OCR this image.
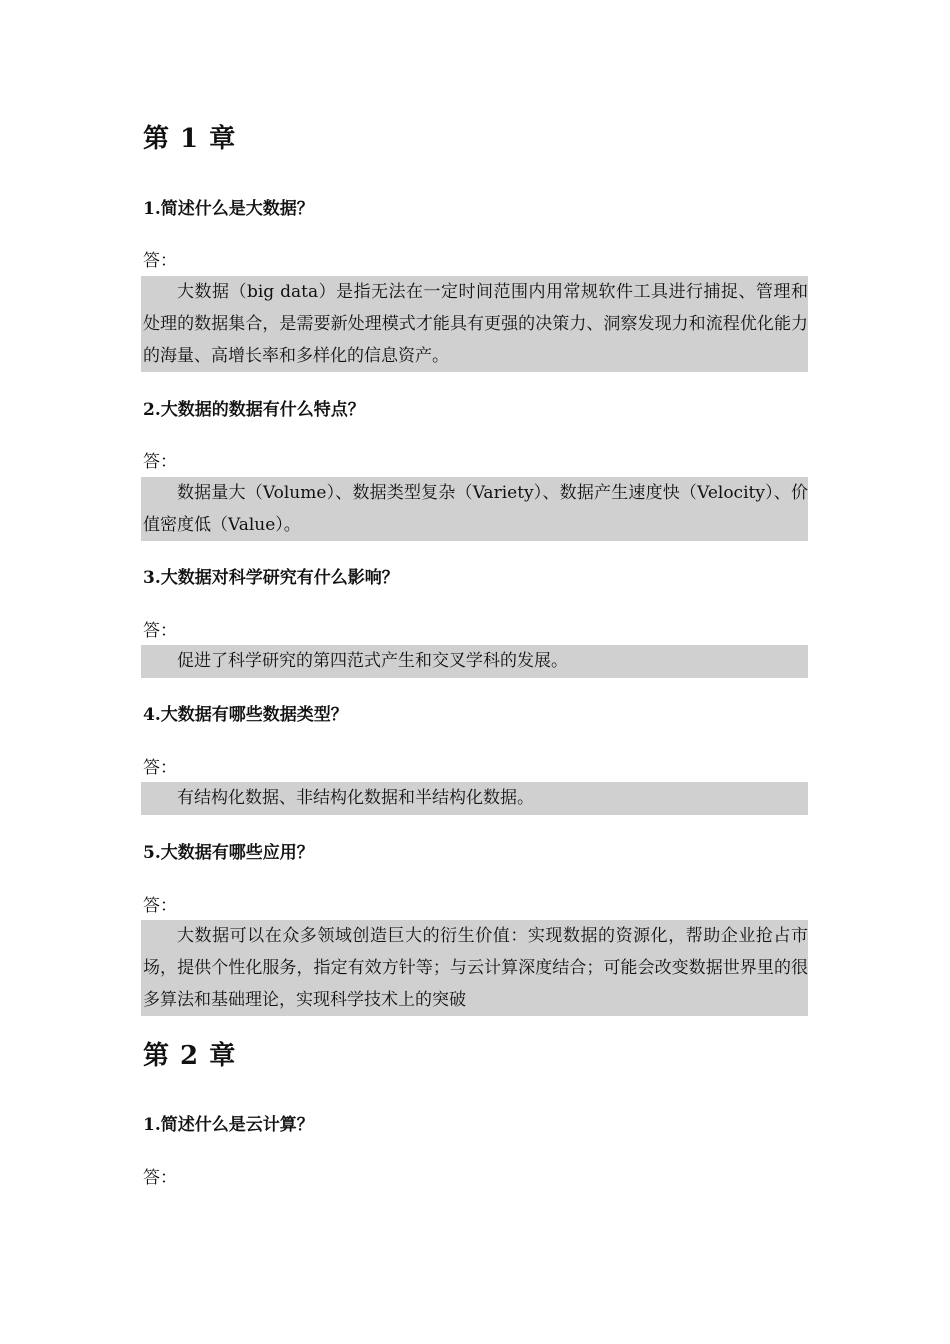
第 1 章
1.简述什么是大数据？
答：

大数据（big data）是指无法在一定时间范围内用常规软件工具进行捕捉、管理和处理的数据集合，是需要新处理模式才能具有更强的决策力、洞察发现力和流程优化能力的海量、高增长率和多样化的信息资产。

2.大数据的数据有什么特点？
答：

数据量大（Volume）、数据类型复杂（Variety）、数据产生速度快（Velocity）、价值密度低（Value）。

3.大数据对科学研究有什么影响？
答：

促进了科学研究的第四范式产生和交叉学科的发展。

4.大数据有哪些数据类型？
答：

有结构化数据、非结构化数据和半结构化数据。

5.大数据有哪些应用？
答：

大数据可以在众多领域创造巨大的衍生价值：实现数据的资源化，帮助企业抢占市场，提供个性化服务，指定有效方针等；与云计算深度结合；可能会改变数据世界里的很多算法和基础理论，实现科学技术上的突破

第 2 章
1.简述什么是云计算？
答：
